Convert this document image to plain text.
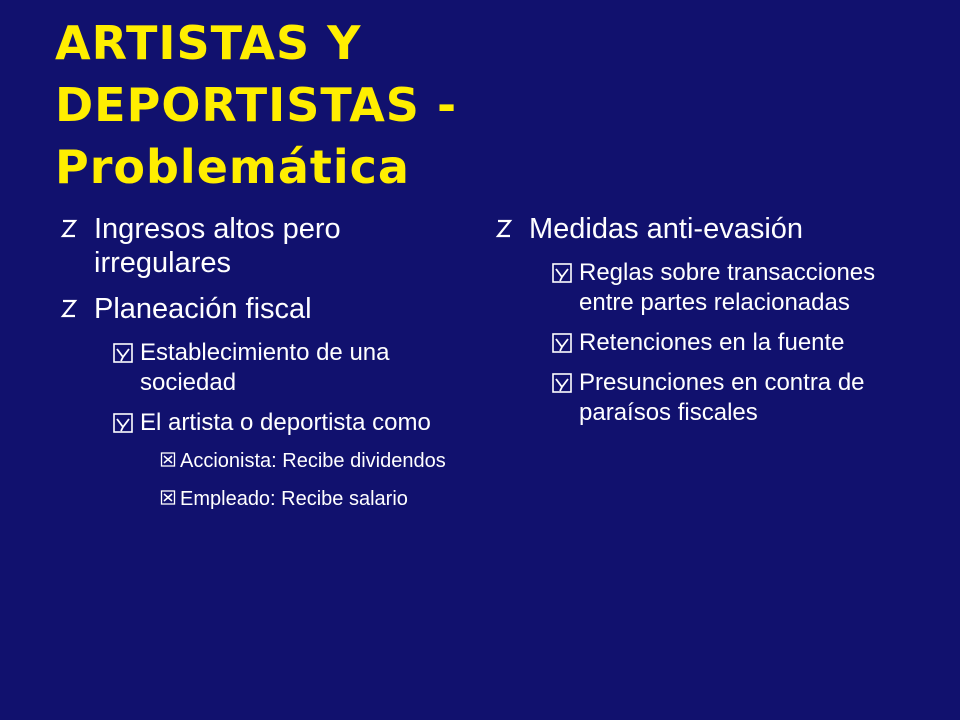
ARTISTAS Y
DEPORTISTAS -
Problemática
Ingresos altos pero irregulares
Planeación fiscal
Establecimiento de una sociedad
El artista o deportista como
Accionista: Recibe dividendos
Empleado: Recibe salario
Medidas anti-evasión
Reglas sobre transacciones entre partes relacionadas
Retenciones en la fuente
Presunciones en contra de paraísos fiscales
